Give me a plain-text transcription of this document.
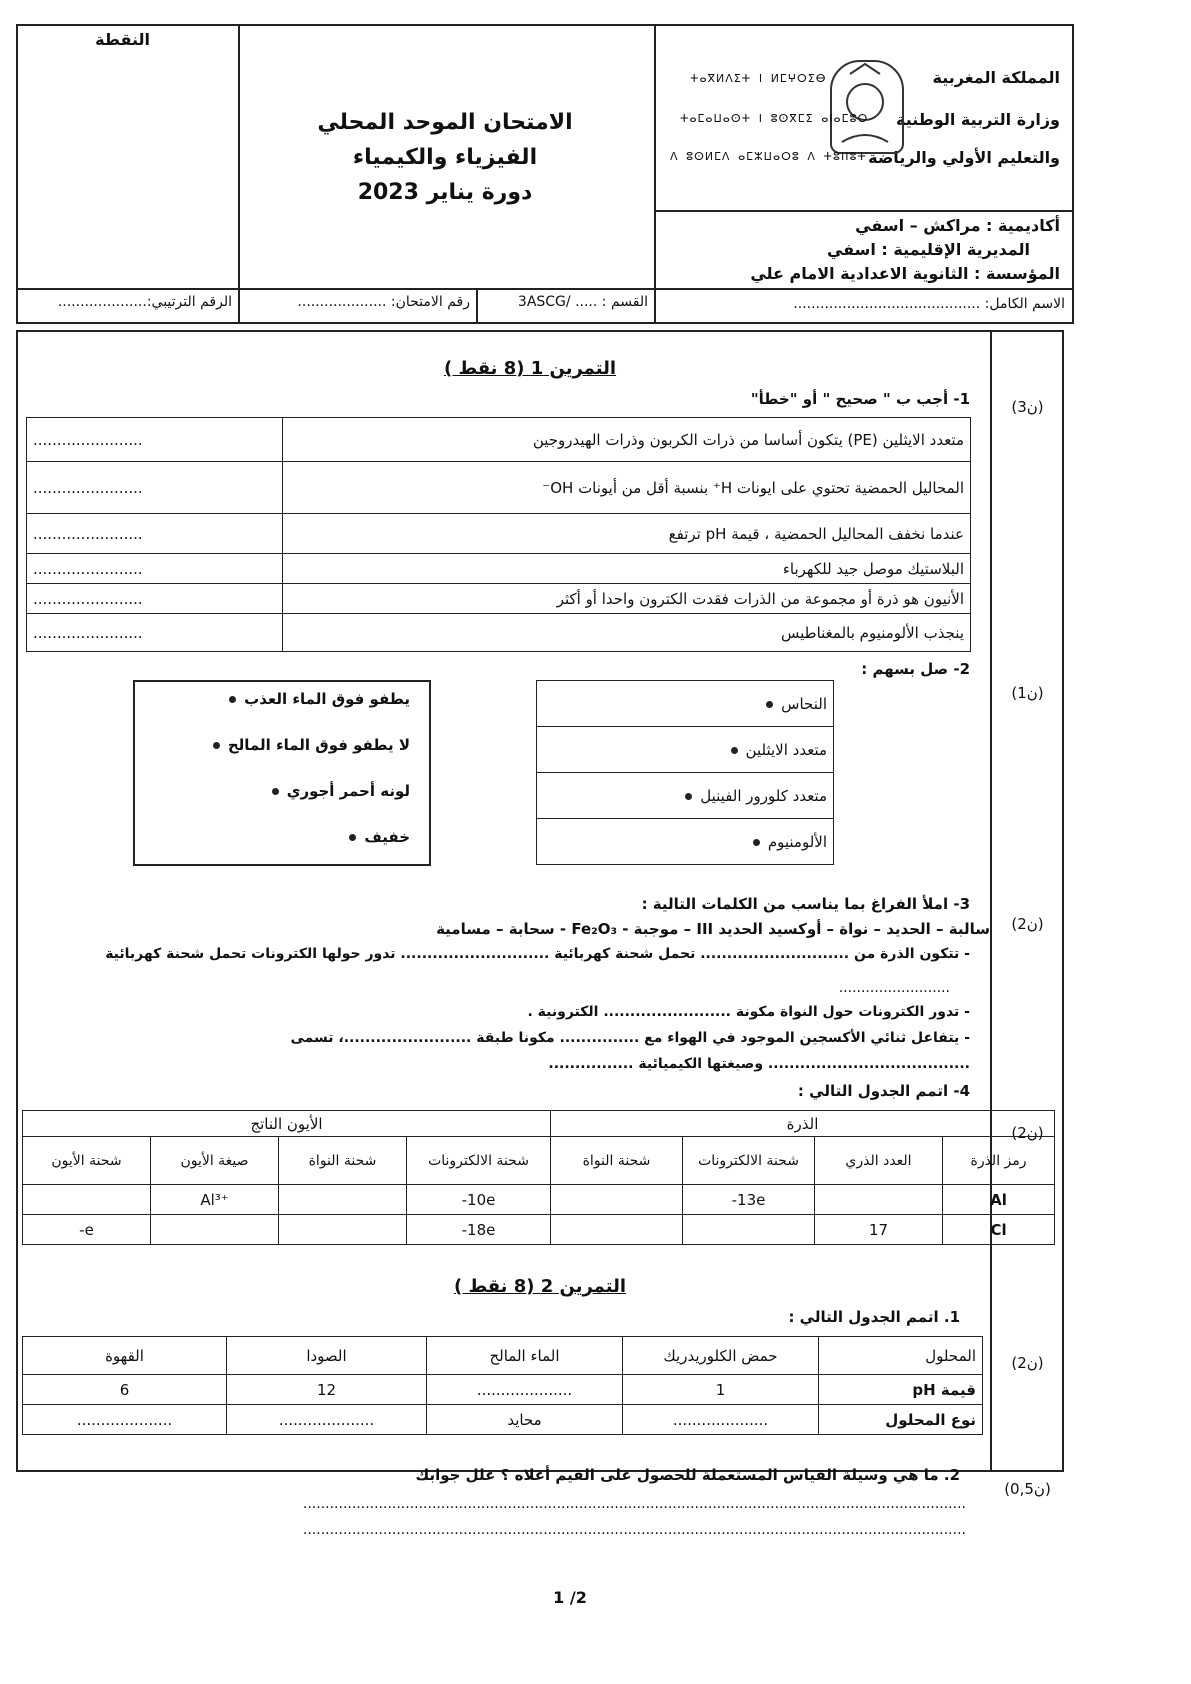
النقطة
الامتحان الموحد المحلي
الفيزياء والكيمياء
دورة يناير 2023
المملكة المغربية
وزارة التربية الوطنية
والتعليم الأولي والرياضة
ⵜⴰⴳⵍⴷⵉⵜ ⵏ ⵍⵎⵖⵔⵉⴱ
ⵜⴰⵎⴰⵡⴰⵙⵜ ⵏ ⵓⵙⴳⵎⵉ ⴰⵏⴰⵎⵓⵔ
ⴷ ⵓⵙⵍⵎⴷ ⴰⵎⵣⵡⴰⵔⵓ ⴷ ⵜⵓⵏⵏⵓⵜ
أكاديمية : مراكش – اسفي
المديرية الإقليمية : اسفي
المؤسسة : الثانوية الاعدادية الامام علي
الاسم الكامل: ..........................................
القسم : ..... /3ASCG
رقم الامتحان: ....................
الرقم الترتيبي:....................
التمرين 1 (8 نقط )
1- أجب ب " صحيح " أو "خطأ"	(3ن)
.......................	متعدد الايثلين (PE) يتكون أساسا من ذرات الكربون وذرات الهيدروجين
.......................	المحاليل الحمضية تحتوي على ايونات H⁺ بنسبة أقل من أيونات OH⁻
.......................	عندما نخفف المحاليل الحمضية ، قيمة pH ترتفع
.......................	البلاستيك موصل جيد للكهرباء
.......................	الأنيون هو ذرة أو مجموعة من الذرات فقدت الكترون واحدا أو أكثر
.......................	ينجذب الألومنيوم بالمغناطيس
2- صل بسهم :
(1ن)
النحاس
متعدد الايثلين
متعدد كلورور الفينيل
الألومنيوم
يطفو فوق الماء العذب
لا يطفو فوق الماء المالح
لونه أحمر أجوري
خفيف
3- املأ الفراغ بما يناسب من الكلمات التالية :
(2ن)
سالبة – الحديد – نواة – أوكسيد الحديد III – موجبة - Fe₂O₃ - سحابة – مسامية
- تتكون الذرة من ............................ تحمل شحنة كهربائية ............................ تدور حولها الكترونات تحمل شحنة كهربائية
.........................
- تدور الكترونات حول النواة مكونة ........................ الكترونية .
- يتفاعل ثنائي الأكسجين الموجود في الهواء مع ............... مكونا طبقة ........................، تسمى
...................................... وصيغتها الكيميائية ................
4- اتمم الجدول التالي :
(2ن)
الأيون الناتج				الذرة			
شحنة الأيون	صيغة الأيون	شحنة النواة	شحنة الالكترونات	شحنة النواة	شحنة الالكترونات	العدد الذري	رمز الذرة
	Al³⁺		-10e		-13e		Al
-e			-18e			17	Cl
التمرين 2 (8 نقط )
1. اتمم الجدول التالي :
(2ن)
القهوة	الصودا	الماء المالح	حمض الكلوريدريك	المحلول
6	12	....................	1	قيمة pH
....................	....................	محايد	....................	نوع المحلول
2. ما هي وسيلة القياس المستعملة للحصول على القيم أعلاه ؟ علل جوابك
(0,5ن)
.....................................................................................................................................................
.....................................................................................................................................................
1 /2
